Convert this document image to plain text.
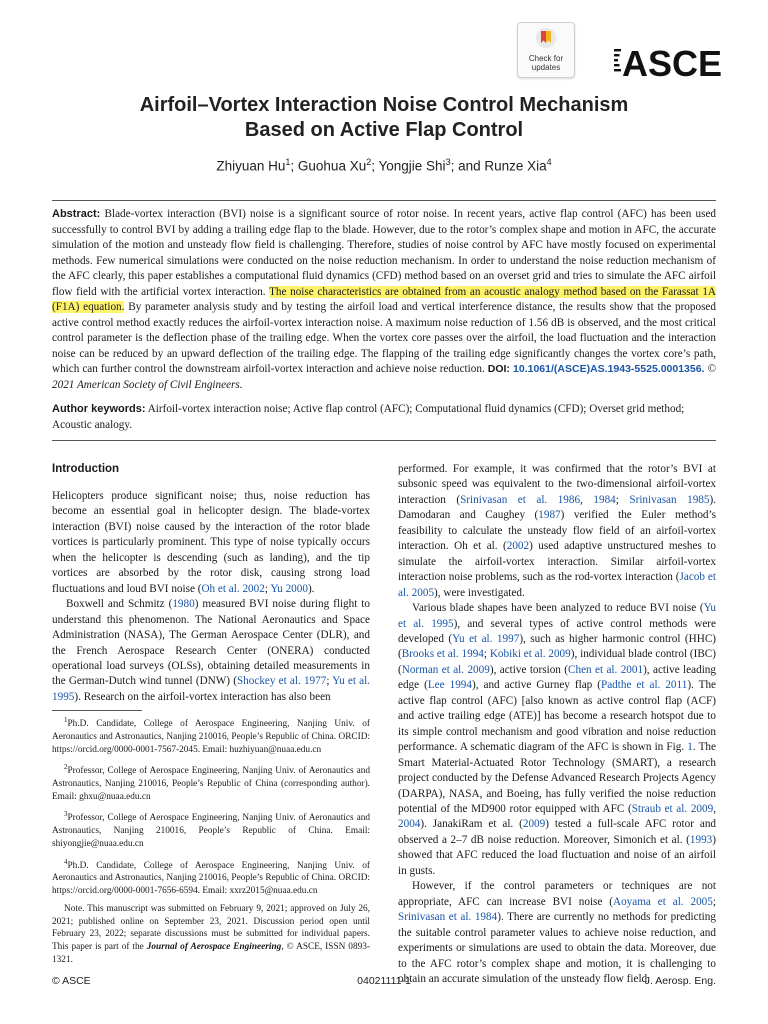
Check for
updates	ASCE
Airfoil–Vortex Interaction Noise Control Mechanism
Based on Active Flap Control
Zhiyuan Hu$^1$; Guohua Xu$^2$; Yongjie Shi$^3$; and Runze Xia$^4$
Abstract: Blade-vortex interaction (BVI) noise is a significant source of rotor noise. In recent years, active flap control (AFC) has been used successfully to control BVI by adding a trailing edge flap to the blade. However, due to the rotor’s complex shape and motion in AFC, the accurate simulation of the motion and unsteady flow field is challenging. Therefore, studies of noise control by AFC have mostly focused on experimental methods. Few numerical simulations were conducted on the noise reduction mechanism. In order to understand the noise reduction mechanism of the AFC clearly, this paper establishes a computational fluid dynamics (CFD) method based on an overset grid and tries to simulate the AFC airfoil flow field with the artificial vortex interaction. The noise characteristics are obtained from an acoustic analogy method based on the Farassat 1A (F1A) equation. By parameter analysis study and by testing the airfoil load and vertical interference distance, the results show that the proposed active control method exactly reduces the airfoil-vortex interaction noise. A maximum noise reduction of 1.56 dB is observed, and the most critical control parameter is the deflection phase of the trailing edge. When the vortex core passes over the airfoil, the load fluctuation and the interaction noise can be reduced by an upward deflection of the trailing edge. The flapping of the trailing edge significantly changes the vortex core’s path, which can further control the downstream airfoil-vortex interaction and achieve noise reduction. DOI: 10.1061/(ASCE)AS.1943-5525.0001356. © 2021 American Society of Civil Engineers.
Author keywords: Airfoil-vortex interaction noise; Active flap control (AFC); Computational fluid dynamics (CFD); Overset grid method; Acoustic analogy.
Introduction

Helicopters produce significant noise; thus, noise reduction has become an essential goal in helicopter design. The blade-vortex interaction (BVI) noise caused by the interaction of the rotor blade vortices is particularly prominent. This type of noise typically occurs when the helicopter is descending (such as landing), and the tip vortices are absorbed by the rotor disk, causing strong load fluctuations and loud BVI noise (Oh et al. 2002; Yu 2000).

Boxwell and Schmitz (1980) measured BVI noise during flight to understand this phenomenon. The National Aeronautics and Space Administration (NASA), The German Aerospace Center (DLR), and the French Aerospace Research Center (ONERA) conducted operational load surveys (OLSs), obtaining detailed measurements in the German-Dutch wind tunnel (DNW) (Shockey et al. 1977; Yu et al. 1995). Research on the airfoil-vortex interaction has also been

$^1$Ph.D. Candidate, College of Aerospace Engineering, Nanjing Univ. of Aeronautics and Astronautics, Nanjing 210016, People’s Republic of China. ORCID: https://orcid.org/0000-0001-7567-2045. Email: huzhiyuan@nuaa.edu.cn

$^2$Professor, College of Aerospace Engineering, Nanjing Univ. of Aeronautics and Astronautics, Nanjing 210016, People’s Republic of China (corresponding author). Email: ghxu@nuaa.edu.cn

$^3$Professor, College of Aerospace Engineering, Nanjing Univ. of Aeronautics and Astronautics, Nanjing 210016, People’s Republic of China. Email: shiyongjie@nuaa.edu.cn

$^4$Ph.D. Candidate, College of Aerospace Engineering, Nanjing Univ. of Aeronautics and Astronautics, Nanjing 210016, People’s Republic of China. ORCID: https://orcid.org/0000-0001-7656-6594. Email: xxrz2015@nuaa.edu.cn

Note. This manuscript was submitted on February 9, 2021; approved on July 26, 2021; published online on September 23, 2021. Discussion period open until February 23, 2022; separate discussions must be submitted for individual papers. This paper is part of the Journal of Aerospace Engineering, © ASCE, ISSN 0893-1321.

performed. For example, it was confirmed that the rotor’s BVI at subsonic speed was equivalent to the two-dimensional airfoil-vortex interaction (Srinivasan et al. 1986, 1984; Srinivasan 1985). Damodaran and Caughey (1987) verified the Euler method’s feasibility to calculate the unsteady flow field of an airfoil-vortex interaction. Oh et al. (2002) used adaptive unstructured meshes to simulate the airfoil-vortex interaction. Similar airfoil-vortex interaction noise problems, such as the rod-vortex interaction (Jacob et al. 2005), were investigated.

Various blade shapes have been analyzed to reduce BVI noise (Yu et al. 1995), and several types of active control methods were developed (Yu et al. 1997), such as higher harmonic control (HHC) (Brooks et al. 1994; Kobiki et al. 2009), individual blade control (IBC) (Norman et al. 2009), active torsion (Chen et al. 2001), active leading edge (Lee 1994), and active Gurney flap (Padthe et al. 2011). The active flap control (AFC) [also known as active control flap (ACF) and active trailing edge (ATE)] has become a research hotspot due to its simple control mechanism and good vibration and noise reduction performance. A schematic diagram of the AFC is shown in Fig. 1. The Smart Material-Actuated Rotor Technology (SMART), a research project conducted by the Defense Advanced Research Projects Agency (DARPA), NASA, and Boeing, has fully verified the noise reduction potential of the MD900 rotor equipped with AFC (Straub et al. 2009, 2004). JanakiRam et al. (2009) tested a full-scale AFC rotor and observed a 2–7 dB noise reduction. Moreover, Simonich et al. (1993) showed that AFC reduced the load fluctuation and noise of an airfoil in gusts.

However, if the control parameters or techniques are not appropriate, AFC can increase BVI noise (Aoyama et al. 2005; Srinivasan et al. 1984). There are currently no methods for predicting the suitable control parameter values to achieve noise reduction, and experiments or simulations are used to obtain the data. Moreover, due to the AFC rotor’s complex shape and motion, it is challenging to obtain an accurate simulation of the unsteady flow field.

© ASCE	04021111-1	J. Aerosp. Eng.
